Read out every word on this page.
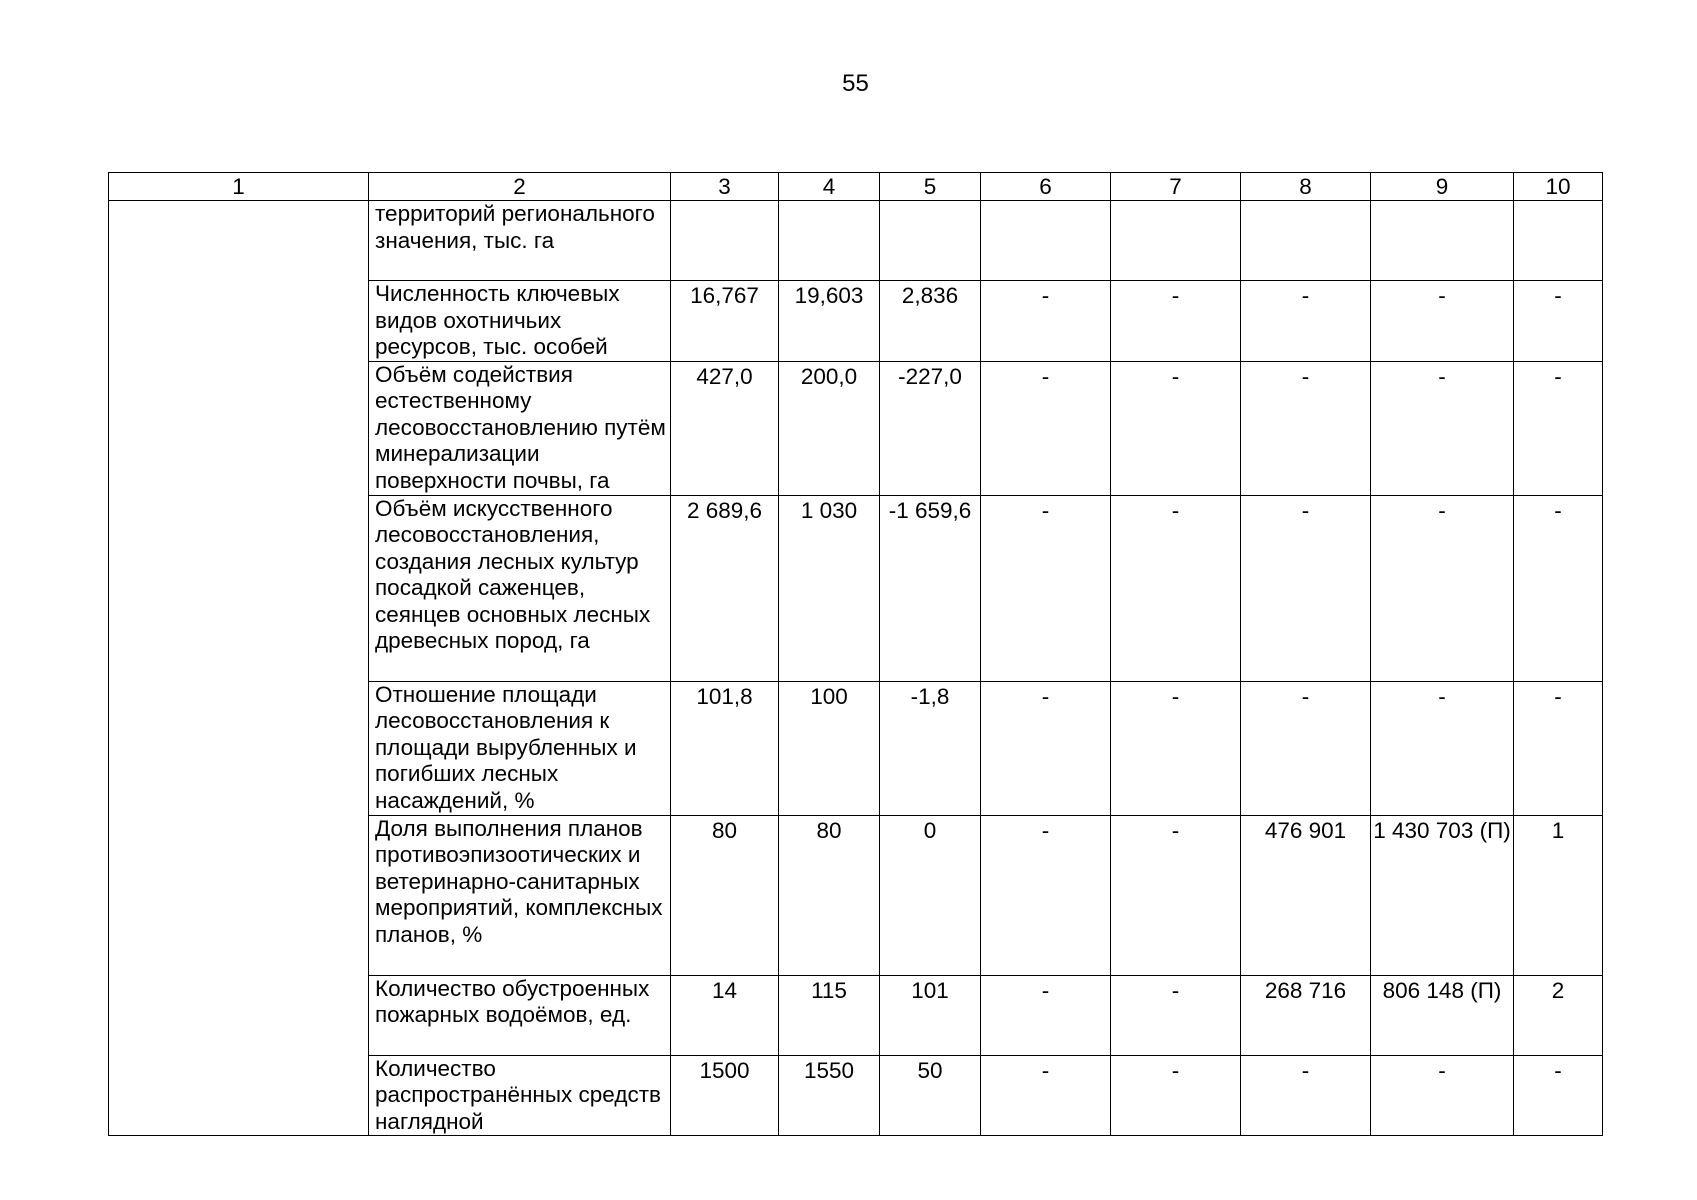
55
1	2	3	4	5	6	7	8	9	10
	территорий регионального значения, тыс. га								
	Численность ключевых видов охотничьих ресурсов, тыс. особей	16,767	19,603	2,836	-	-	-	-	-
	Объём содействия естественному лесовосстановлению путём минерализации поверхности почвы, га	427,0	200,0	-227,0	-	-	-	-	-
	Объём искусственного лесовосстановления, создания лесных культур посадкой саженцев, сеянцев основных лесных древесных пород, га	2 689,6	1 030	-1 659,6	-	-	-	-	-
	Отношение площади лесовосстановления к площади вырубленных и погибших лесных насаждений, %	101,8	100	-1,8	-	-	-	-	-
	Доля выполнения планов противоэпизоотических и ветеринарно-санитарных мероприятий, комплексных планов, %	80	80	0	-	-	476 901	1 430 703 (П)	1
	Количество обустроенных пожарных водоёмов, ед.	14	115	101	-	-	268 716	806 148 (П)	2
	Количество распространённых средств наглядной	1500	1550	50	-	-	-	-	-
